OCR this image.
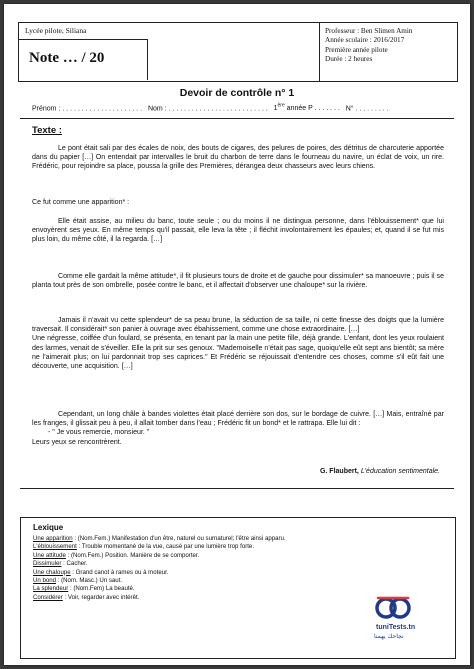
Lycée pilote, Siliana
Note … / 20
Professeur : Ben Slimen Amin
Année scolaire : 2016/2017
Première année pilote
Durée : 2 heures
Devoir de contrôle n° 1
Prénom : . . . . . . . . . . . . . . . . . . . . . Nom : . . . . . . . . . . . . . . . . . . . . . . . . . . 1ère année P . . . . . . . N° . . . . . . . . .
Texte :

Le pont était sali par des écales de noix, des bouts de cigares, des pelures de poires, des détritus de charcuterie apportée dans du papier […] On entendait par intervalles le bruit du charbon de terre dans le fourneau du navire, un éclat de voix, un rire. Frédéric, pour rejoindre sa place, poussa la grille des Premières, dérangea deux chasseurs avec leurs chiens.

Ce fut comme une apparition* :

Elle était assise, au milieu du banc, toute seule ; ou du moins il ne distingua personne, dans l'éblouissement* que lui envoyèrent ses yeux. En même temps qu'il passait, elle leva la tête ; il fléchit involontairement les épaules; et, quand il se fut mis plus loin, du même côté, il la regarda. […]

Comme elle gardait la même attitude*, il fit plusieurs tours de droite et de gauche pour dissimuler* sa manoeuvre ; puis il se planta tout près de son ombrelle, posée contre le banc, et il affectait d'observer une chaloupe* sur la rivière.

Jamais il n'avait vu cette splendeur* de sa peau brune, la séduction de sa taille, ni cette finesse des doigts que la lumière traversait. Il considérait* son panier à ouvrage avec ébahissement, comme une chose extraordinaire. […]

Une négresse, coiffée d'un foulard, se présenta, en tenant par la main une petite fille, déjà grande. L'enfant, dont les yeux roulaient des larmes, venait de s'éveiller. Elle la prit sur ses genoux. "Mademoiselle n'était pas sage, quoiqu'elle eût sept ans bientôt; sa mère ne l'aimerait plus; on lui pardonnait trop ses caprices." Et Frédéric se réjouissait d'entendre ces choses, comme s'il eût fait une découverte, une acquisition. […]

Cependant, un long châle à bandes violettes était placé derrière son dos, sur le bordage de cuivre. […] Mais, entraîné par les franges, il glissait peu à peu, il allait tomber dans l'eau ; Frédéric fit un bond* et le rattrapa. Elle lui dit :

- " Je vous remercie, monsieur. "

Leurs yeux se rencontrèrent.

G. Flaubert, L'éducation sentimentale.
Lexique
Une apparition : (Nom.Fem.) Manifestation d'un être, naturel ou surnaturel; l'être ainsi apparu.
L'éblouissement : Trouble momentané de la vue, causé par une lumière trop forte.
Une attitude : (Nom.Fem.) Position. Manière de se comporter.
Dissimuler : Cacher.
Une chaloupe : Grand canot à rames ou à moteur.
Un bond : (Nom. Masc.) Un saut.
La splendeur : (Nom.Fem) La beauté.
Considérer : Voir, regarder avec intérêt.
tuniTests.tn
نجاحك يهمنا
